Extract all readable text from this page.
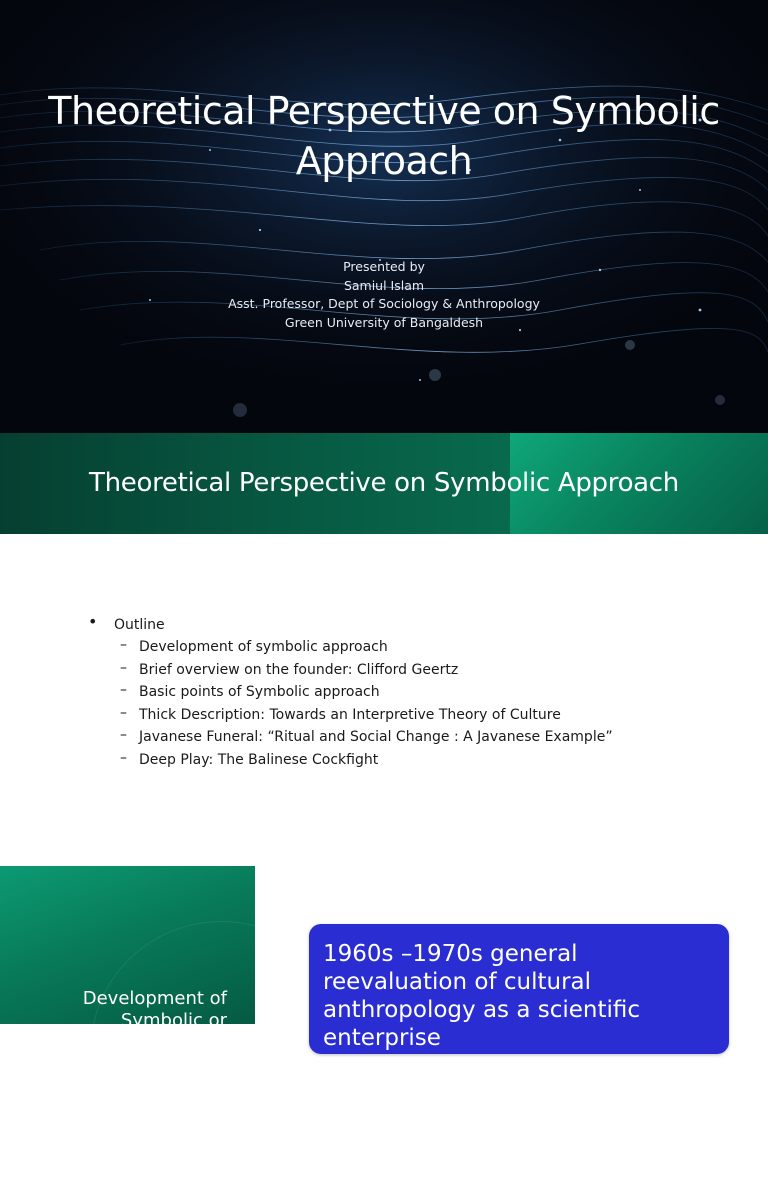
Theoretical Perspective on Symbolic Approach
Presented by
Samiul Islam
Asst. Professor, Dept of Sociology & Anthropology
Green University of Bangaldesh
Theoretical Perspective on Symbolic Approach
• Outline
– Development of symbolic approach
– Brief overview on the founder: Clifford Geertz
– Basic points of Symbolic approach
– Thick Description: Towards an Interpretive Theory of Culture
– Javanese Funeral: “Ritual and Social Change : A Javanese Example”
– Deep Play: The Balinese Cockfight
Development of Symbolic or
1960s –1970s general reevaluation of cultural anthropology as a scientific enterprise
